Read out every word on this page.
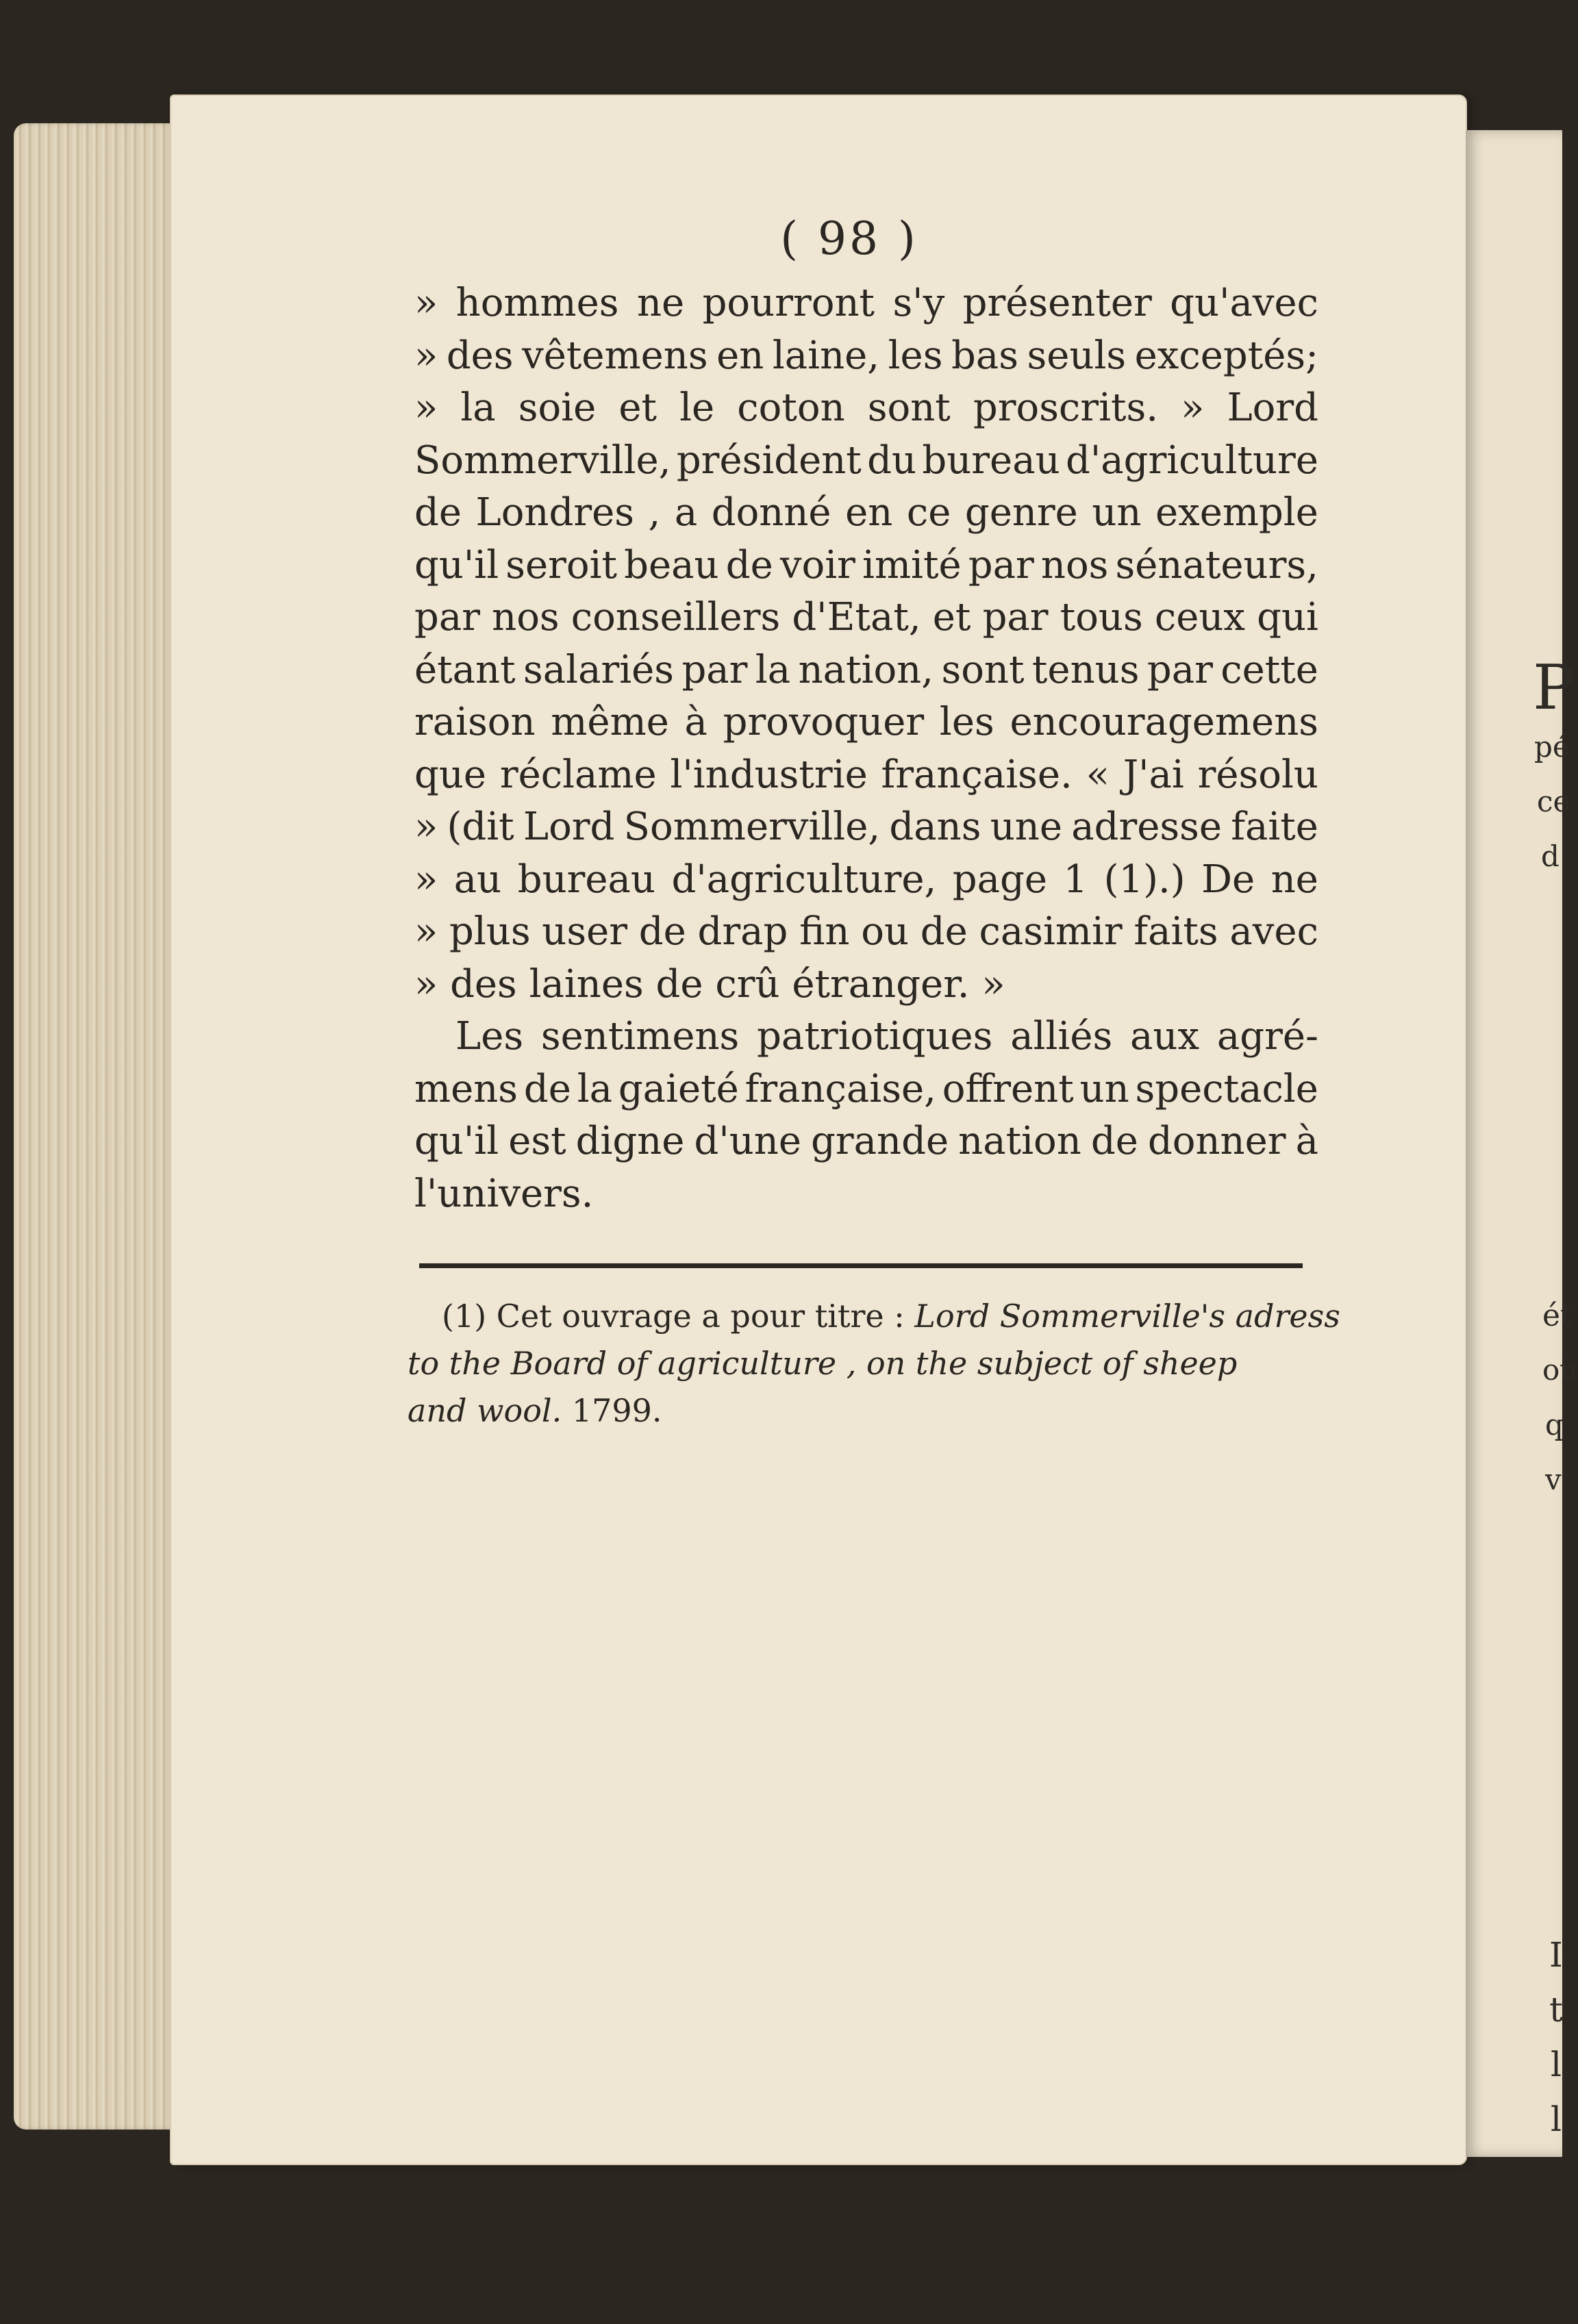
P
pé
ce
d'
ét
où
q
v
I
t
l
l
( 98 )
» hommes ne pourront s'y présenter qu'avec
» des vêtemens en laine, les bas seuls exceptés;
» la soie et le coton sont proscrits. » Lord
Sommerville, président du bureau d'agriculture
de Londres , a donné en ce genre un exemple
qu'il seroit beau de voir imité par nos sénateurs,
par nos conseillers d'Etat, et par tous ceux qui
étant salariés par la nation, sont tenus par cette
raison même à provoquer les encouragemens
que réclame l'industrie française. « J'ai résolu
» (dit Lord Sommerville, dans une adresse faite
» au bureau d'agriculture, page 1 (1).) De ne
» plus user de drap fin ou de casimir faits avec
» des laines de crû étranger. »
Les sentimens patriotiques alliés aux agré-
mens de la gaieté française, offrent un spectacle
qu'il est digne d'une grande nation de donner à
l'univers.
(1) Cet ouvrage a pour titre : Lord Sommerville's adress
to the Board of agriculture , on the subject of sheep
and wool. 1799.
